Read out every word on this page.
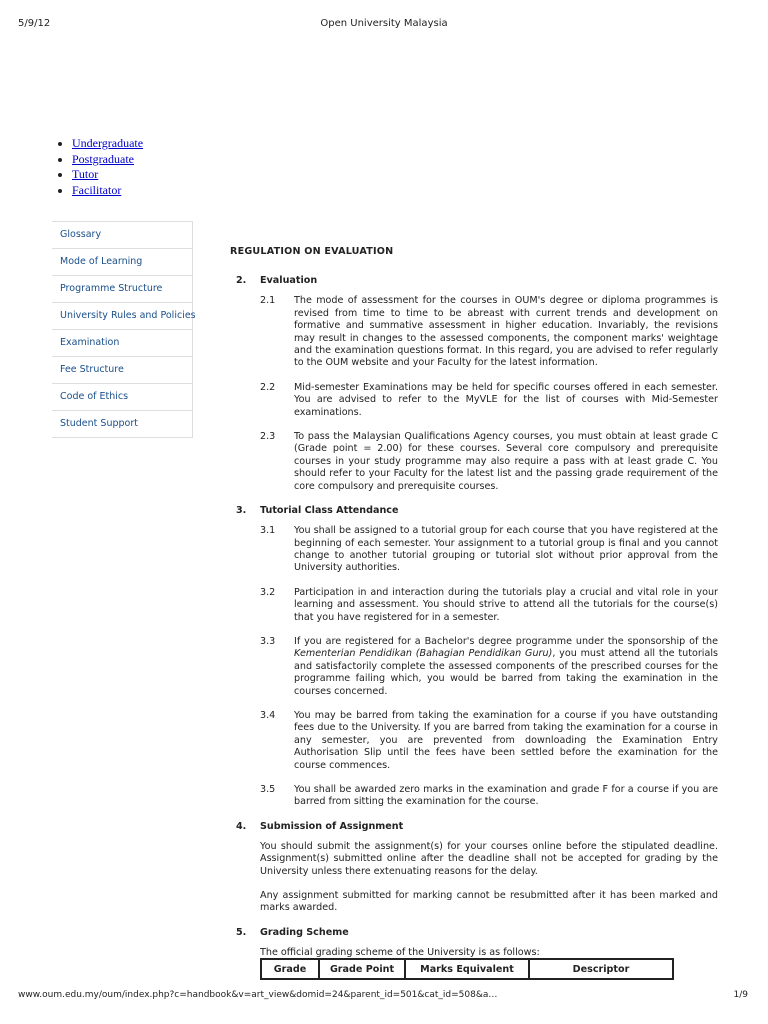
5/9/12	Open University Malaysia
• Undergraduate
• Postgraduate
• Tutor
• Facilitator
Glossary
Mode of Learning
Programme Structure
University Rules and Policies
Examination
Fee Structure
Code of Ethics
Student Support
REGULATION ON EVALUATION
2. Evaluation
2.1 The mode of assessment for the courses in OUM's degree or diploma programmes is revised from time to time to be abreast with current trends and development on formative and summative assessment in higher education. Invariably, the revisions may result in changes to the assessed components, the component marks' weightage and the examination questions format. In this regard, you are advised to refer regularly to the OUM website and your Faculty for the latest information.
2.2 Mid-semester Examinations may be held for specific courses offered in each semester. You are advised to refer to the MyVLE for the list of courses with Mid-Semester examinations.
2.3 To pass the Malaysian Qualifications Agency courses, you must obtain at least grade C (Grade point = 2.00) for these courses. Several core compulsory and prerequisite courses in your study programme may also require a pass with at least grade C. You should refer to your Faculty for the latest list and the passing grade requirement of the core compulsory and prerequisite courses.
3. Tutorial Class Attendance
3.1 You shall be assigned to a tutorial group for each course that you have registered at the beginning of each semester. Your assignment to a tutorial group is final and you cannot change to another tutorial grouping or tutorial slot without prior approval from the University authorities.
3.2 Participation in and interaction during the tutorials play a crucial and vital role in your learning and assessment. You should strive to attend all the tutorials for the course(s) that you have registered for in a semester.
3.3 If you are registered for a Bachelor's degree programme under the sponsorship of the Kementerian Pendidikan (Bahagian Pendidikan Guru), you must attend all the tutorials and satisfactorily complete the assessed components of the prescribed courses for the programme failing which, you would be barred from taking the examination in the courses concerned.
3.4 You may be barred from taking the examination for a course if you have outstanding fees due to the University. If you are barred from taking the examination for a course in any semester, you are prevented from downloading the Examination Entry Authorisation Slip until the fees have been settled before the examination for the course commences.
3.5 You shall be awarded zero marks in the examination and grade F for a course if you are barred from sitting the examination for the course.
4. Submission of Assignment
You should submit the assignment(s) for your courses online before the stipulated deadline. Assignment(s) submitted online after the deadline shall not be accepted for grading by the University unless there extenuating reasons for the delay.
Any assignment submitted for marking cannot be resubmitted after it has been marked and marks awarded.
5. Grading Scheme
The official grading scheme of the University is as follows:
Grade	Grade Point	Marks Equivalent	Descriptor
www.oum.edu.my/oum/index.php?c=handbook&v=art_view&domid=24&parent_id=501&cat_id=508&a…	1/9
